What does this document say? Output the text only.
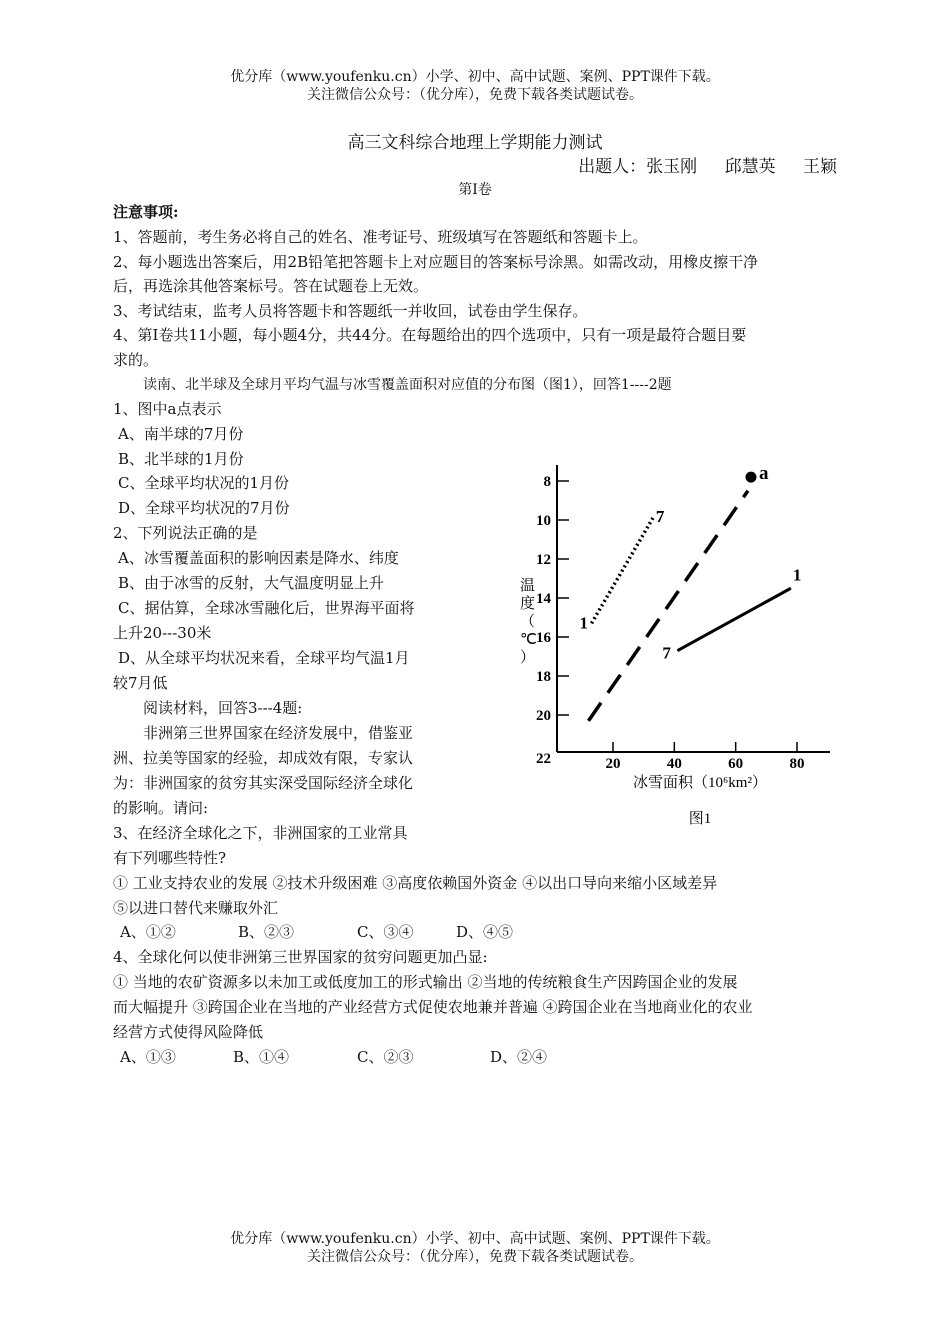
优分库（www.youfenku.cn）小学、初中、高中试题、案例、PPT课件下载。
关注微信公众号：（优分库），免费下载各类试题试卷。
高三文科综合地理上学期能力测试
出题人：张玉刚 邱慧英 王颖
第I卷
注意事项:
1、答题前，考生务必将自己的姓名、准考证号、班级填写在答题纸和答题卡上。
2、每小题选出答案后，用2B铅笔把答题卡上对应题目的答案标号涂黑。如需改动，用橡皮擦干净
后，再选涂其他答案标号。答在试题卷上无效。
3、考试结束，监考人员将答题卡和答题纸一并收回，试卷由学生保存。
4、第I卷共11小题，每小题4分，共44分。在每题给出的四个选项中，只有一项是最符合题目要
求的。
读南、北半球及全球月平均气温与冰雪覆盖面积对应值的分布图（图1），回答1----2题
1、图中a点表示
A、南半球的7月份
B、北半球的1月份
C、全球平均状况的1月份
D、全球平均状况的7月份
2、下列说法正确的是
A、冰雪覆盖面积的影响因素是降水、纬度
B、由于冰雪的反射，大气温度明显上升
C、据估算，全球冰雪融化后，世界海平面将
上升20---30米
D、从全球平均状况来看，全球平均气温1月
较7月低
阅读材料，回答3---4题:
非洲第三世界国家在经济发展中，借鉴亚
洲、拉美等国家的经验，却成效有限，专家认
为：非洲国家的贫穷其实深受国际经济全球化
的影响。请问:
3、在经济全球化之下，非洲国家的工业常具
有下列哪些特性?
① 工业支持农业的发展 ②技术升级困难 ③高度依赖国外资金 ④以出口导向来缩小区域差异
⑤以进口替代来赚取外汇
A、①②	B、②③	C、③④	D、④⑤
4、全球化何以使非洲第三世界国家的贫穷问题更加凸显:
① 当地的农矿资源多以未加工或低度加工的形式输出 ②当地的传统粮食生产因跨国企业的发展
而大幅提升 ③跨国企业在当地的产业经营方式促使农地兼并普遍 ④跨国企业在当地商业化的农业
经营方式使得风险降低
A、①③	B、①④	C、②③	D、②④
8
10
12
14
16
18
20
22	20	40	60	80
冰雪面积（10⁶km²）
温度（℃）
1
7
7
1
a
图1
优分库（www.youfenku.cn）小学、初中、高中试题、案例、PPT课件下载。
关注微信公众号：（优分库），免费下载各类试题试卷。
